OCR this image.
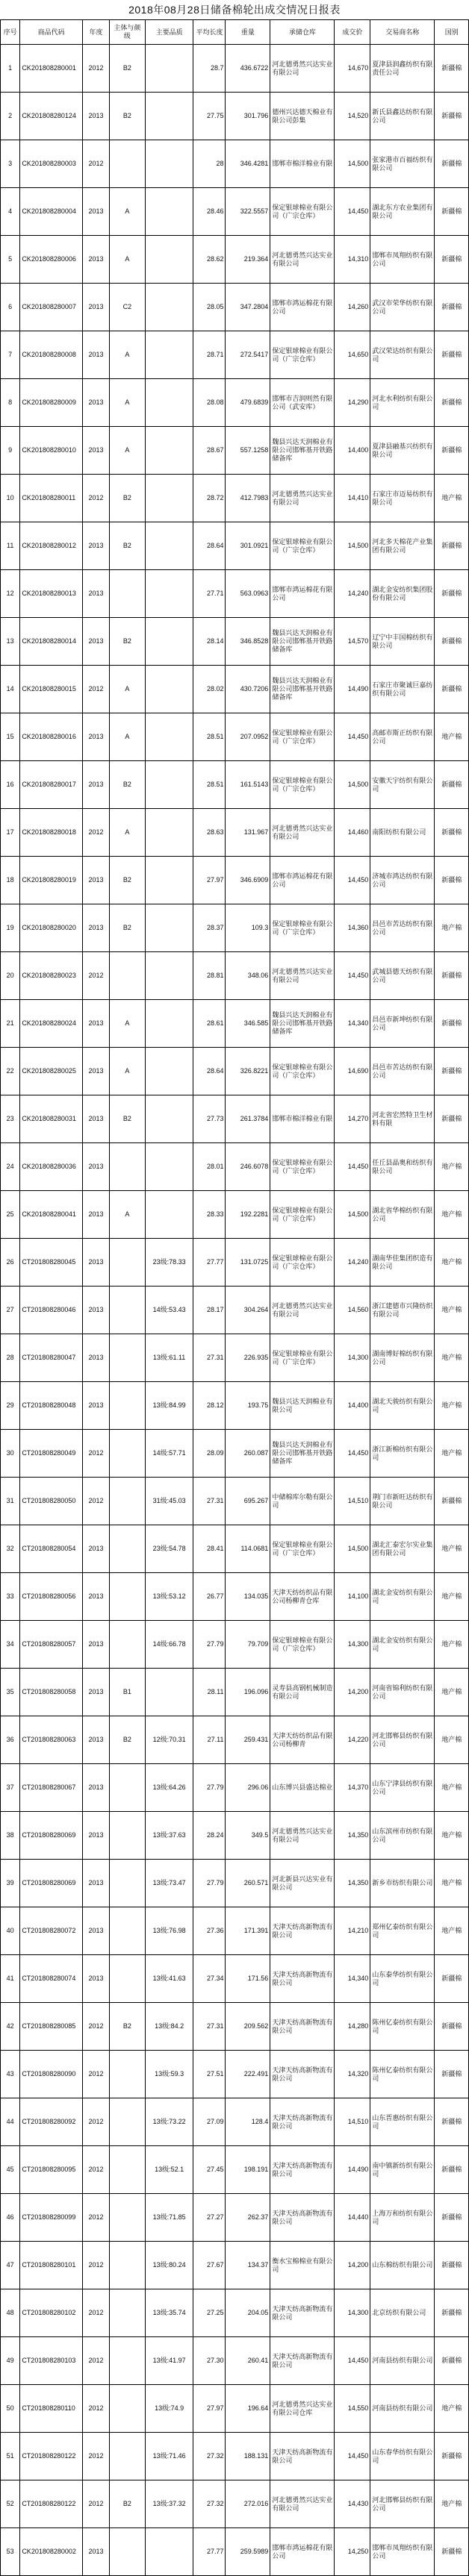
2018年08月28日储备棉轮出成交情况日报表
序号	商品代码	年度	主体与颜级	主要品质	平均长度	重量	承储仓库	成交价	交易商名称	国别
1	CK201808280001	2012	B2		28.7	436.6722	河北德勇然兴达实业有限公司	14,670	夏津县润鑫纺织有限责任公司	新疆棉
2	CK201808280124	2013	B2		27.75	301.796	德州兴达德天棉业有限公司彭集	14,520	新氏县鑫达纺织有限公司	新疆棉
3	CK201808280003	2012			28	346.4281	邯郸市棉洋棉业有限	14,500	张家港市百福纺织有限公司	新疆棉
4	CK201808280004	2013	A		28.46	322.5557	保定银球棉业有限公司（广宗仓库）	14,450	湖北东方农业集团有限公司	新疆棉
5	CK201808280006	2013	A		28.62	219.364	河北德勇然兴达实业有限公司	14,310	邯郸市凤翔纺织有限公司	新疆棉
6	CK201808280007	2013	C2		28.05	347.2804	邯郸市鸿运棉花有限公司	14,260	武汉市荣华纺织有限公司	新疆棉
7	CK201808280008	2013	A		28.71	272.5417	保定银球棉业有限公司（广宗仓库）	14,650	武汉荣达纺织有限公司	新疆棉
8	CK201808280009	2013	A		28.08	479.6839	邯郸市吉润则然有限公司（武安库）	14,290	河北水利纺织有限公司	新疆棉
9	CK201808280010	2013	A		28.67	557.1258	魏县兴达天润棉业有限公司邯郸基开铁路储备库	14,400	夏津县融基兴纺织有限公司	新疆棉
10	CK201808280011	2012	B2		28.72	412.7983	河北德勇然兴达实业有限公司	14,410	石家庄市迈易纺织有限公司	地产棉
11	CK201808280012	2013	B2		28.64	301.0921	保定银球棉业有限公司（广宗仓库）	14,500	河北多天棉花产业集团有限公司	新疆棉
12	CK201808280013	2013			27.71	563.0963	邯郸市鸿运棉花有限公司	14,240	湖北金安纺织集团股份有限公司	新疆棉
13	CK201808280014	2013	B2		28.14	346.8528	魏县兴达天润棉业有限公司邯郸基开铁路储备库	14,570	辽宁中丰国棉纺织有限公司	新疆棉
14	CK201808280015	2012	A		28.02	430.7206	魏县兴达天润棉业有限公司邯郸基开铁路储备库	14,490	石家庄市聚诚巨嘉纺织有限公司	新疆棉
15	CK201808280016	2013	A		28.51	207.0952	保定银球棉业有限公司（广宗仓库）	14,450	高邮市斯正纺织有限公司	地产棉
16	CK201808280017	2013	B2		28.51	161.5143	保定银球棉业有限公司（广宗仓库）	14,500	安徽天宇纺织有限公司	新疆棉
17	CK201808280018	2012	A		28.63	131.967	河北德勇然兴达实业有限公司	14,460	南阳纺织有限公司	新疆棉
18	CK201808280019	2013	B2		27.97	346.6909	邯郸市鸿运棉花有限公司	14,450	济城市鸿达纺织有限公司	新疆棉
19	CK201808280020	2013	B2		28.37	109.3	保定银球棉业有限公司（广宗仓库）	14,360	昌邑市苦达纺织有限公司	地产棉
20	CK201808280023	2012			28.81	348.06	河北德勇然兴达实业有限公司	14,450	武城县德天纺织有限公司	新疆棉
21	CK201808280024	2013	A		28.61	346.585	魏县兴达天润棉业有限公司邯郸基开铁路储备库	14,340	昌邑市新坤纺织有限公司	新疆棉
22	CK201808280025	2013	A		28.64	326.8221	保定银球棉业有限公司（广宗仓库）	14,690	昌邑市苦达纺织有限公司	新疆棉
23	CK201808280031	2013	B2		27.73	261.3784	邯郸市棉洋棉业有限	14,270	河北省宏然特卫生材料有限	新疆棉
24	CK201808280036	2013			28.01	246.6078	保定银球棉业有限公司（广宗仓库）	14,450	任丘县晶奥和纺织有限公司	地产棉
25	CK201808280041	2013	A		28.33	192.2281	保定银球棉业有限公司（广宗仓库）	14,500	湖北省华棉纺织有限公司	地产棉
26	CT201808280045	2013		23级:78.33	27.77	131.0725	保定银球棉业有限公司（广宗仓库）	14,240	湖南华佳集团织造有限公司	地产棉
27	CT201808280046	2013		14级:53.43	28.17	304.264	河北德勇然兴达实业有限公司	14,560	浙江建德市兴隆纺织有限公司	地产棉
28	CT201808280047	2013		13级:61.11	27.31	226.935	保定银球棉业有限公司（广宗仓库）	14,300	湖南博好棉纺织有限公司	地产棉
29	CT201808280048	2013		13级:84.99	28.12	193.75	魏县兴达天润棉业有限公司	14,400	湖北天骏纺织有限公司	地产棉
30	CT201808280049	2012		14级:57.71	28.09	260.087	魏县兴达天润棉业有限公司邯郸基开铁路储备库	14,450	浙江新棉纺织有限公司	地产棉
31	CT201808280050	2012		31级:45.03	27.31	695.267	中储棉库尔勒有限公司	14,510	荆门市新旺达纺织有限公司	新疆棉
32	CT201808280054	2013		23级:54.78	28.41	114.0681	保定银球棉业有限公司（广宗仓库）	14,500	湖北汇泰宏尔实业集团有限公司	地产棉
33	CT201808280056	2013		13级:53.12	26.77	134.035	天津天纺纺织品有限公司杨柳青仓库	14,100	湖北金安纺织有限公司	地产棉
34	CT201808280057	2013		14级:66.78	27.79	79.709	保定银球棉业有限公司（广宗仓库）	14,300	湖北金安纺织有限公司	地产棉
35	CT201808280058	2013	B1		28.11	196.096	灵寿县高钢机械制造有限公司	14,200	河南省锦利纺织有限公司	地产棉
36	CT201808280063	2013	B2	12级:70.31	27.11	259.431	天津天纺纺织品有限公司杨柳青	14,220	河北邯郸县纺织有限公司	地产棉
37	CT201808280067	2013		13级:64.26	27.79	296.06	山东博兴县盛达棉业	14,370	山东宁津县纺织有限公司	地产棉
38	CT201808280069	2013		13级:37.63	28.24	349.5	河北德勇然兴达实业有限公司	14,350	山东滨州市纺织有限公司	地产棉
39	CT201808280069	2013		13级:73.47	27.79	260.571	河北新县兴达实业有限公司	14,350	新乡市纺织有限公司	地产棉
40	CT201808280072	2013		13级:76.98	27.36	171.391	天津天纺高新物流有限公司	14,210	郑州亿泰纺织有限公司	地产棉
41	CT201808280074	2013		13级:41.63	27.34	171.56	天津天纺高新物流有限公司	14,340	山东泰华纺织有限公司	新疆棉
42	CT201808280085	2012	B2	13级:84.2	27.31	209.562	天津天纺高新物流有限公司	14,280	陈州亿泰纺织有限公司	新疆棉
43	CT201808280090	2012		13级:59.3	27.51	222.491	天津天纺高新物流有限公司	14,320	陈州亿泰纺织有限公司	新疆棉
44	CT201808280092	2012		13级:73.22	27.09	128.4	天津天纺高新物流有限公司	14,510	山东晋惠纺织有限公司	新疆棉
45	CT201808280095	2012		13级:52.1	27.45	198.191	天津天纺高新物流有限公司	14,490	南中镇新纺织有限公司	新疆棉
46	CT201808280099	2012		13级:71.85	27.27	262.37	天津天纺高新物流有限公司	14,440	上海万和纺织有限公司	新疆棉
47	CT201808280101	2012		13级:80.24	27.67	134.37	衡水宝棉棉业有限公司	14,200	山东棉纺织有限公司	新疆棉
48	CT201808280102	2012		13级:35.74	27.25	204.05	天津天纺高新物流有限公司	14,300	北京纺织有限公司	新疆棉
49	CT201808280103	2012		13级:41.97	27.30	260.41	天津天纺高新物流有限公司	14,450	河南县纺织有限公司	新疆棉
50	CT201808280110	2012		13级:74.9	27.97	196.64	河北德勇然兴达实业有限公司仓库	14,550	河南县纺织有限公司	地产棉
51	CT201808280122	2012		13级:71.46	27.32	188.131	天津天纺高新物流有限公司	14,450	山东春华纺织有限公司	新疆棉
52	CT201808280122	2012	B2	13级:37.32	27.32	272.016	河北德勇然兴达实业有限公司	14,430	河北邯郸县纺织有限公司	地产棉
53	CK201808280002	2013			27.77	259.5989	邯郸市鸿运棉花有限公司	14,250	邯郸市凤翔纺织有限公司	新疆棉
